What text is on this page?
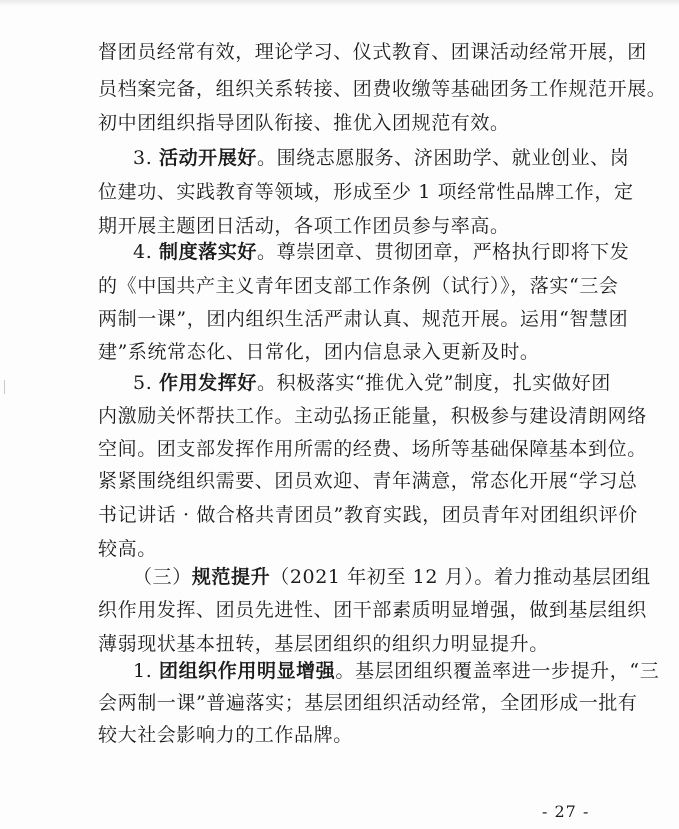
督团员经常有效，理论学习、仪式教育、团课活动经常开展，团
员档案完备，组织关系转接、团费收缴等基础团务工作规范开展。
初中团组织指导团队衔接、推优入团规范有效。
3. 活动开展好。围绕志愿服务、济困助学、就业创业、岗
位建功、实践教育等领域，形成至少 1 项经常性品牌工作，定
期开展主题团日活动，各项工作团员参与率高。
4. 制度落实好。尊崇团章、贯彻团章，严格执行即将下发
的《中国共产主义青年团支部工作条例（试行）》，落实“三会
两制一课”，团内组织生活严肃认真、规范开展。运用“智慧团
建”系统常态化、日常化，团内信息录入更新及时。
5. 作用发挥好。积极落实“推优入党”制度，扎实做好团
内激励关怀帮扶工作。主动弘扬正能量，积极参与建设清朗网络
空间。团支部发挥作用所需的经费、场所等基础保障基本到位。
紧紧围绕组织需要、团员欢迎、青年满意，常态化开展“学习总
书记讲话 · 做合格共青团员”教育实践，团员青年对团组织评价
较高。
（三）规范提升（2021 年初至 12 月）。着力推动基层团组
织作用发挥、团员先进性、团干部素质明显增强，做到基层组织
薄弱现状基本扭转，基层团组织的组织力明显提升。
1. 团组织作用明显增强。基层团组织覆盖率进一步提升，“三
会两制一课”普遍落实；基层团组织活动经常，全团形成一批有
较大社会影响力的工作品牌。
- 27 -
